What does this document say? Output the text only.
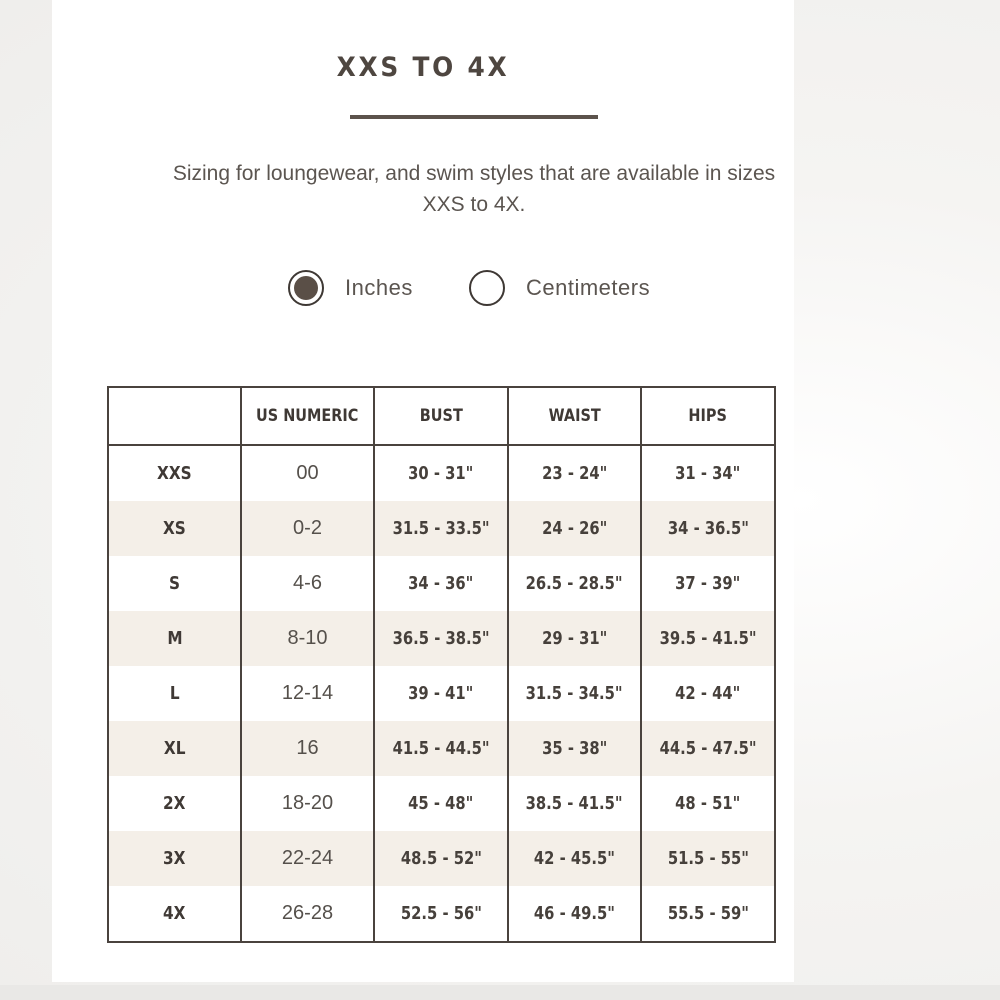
XXS TO 4X
Sizing for loungewear, and swim styles that are available in sizes
XXS to 4X.
Inches	Centimeters
	US NUMERIC	BUST	WAIST	HIPS
XXS	00	30 - 31"	23 - 24"	31 - 34"
XS	0-2	31.5 - 33.5"	24 - 26"	34 - 36.5"
S	4-6	34 - 36"	26.5 - 28.5"	37 - 39"
M	8-10	36.5 - 38.5"	29 - 31"	39.5 - 41.5"
L	12-14	39 - 41"	31.5 - 34.5"	42 - 44"
XL	16	41.5 - 44.5"	35 - 38"	44.5 - 47.5"
2X	18-20	45 - 48"	38.5 - 41.5"	48 - 51"
3X	22-24	48.5 - 52"	42 - 45.5"	51.5 - 55"
4X	26-28	52.5 - 56"	46 - 49.5"	55.5 - 59"
